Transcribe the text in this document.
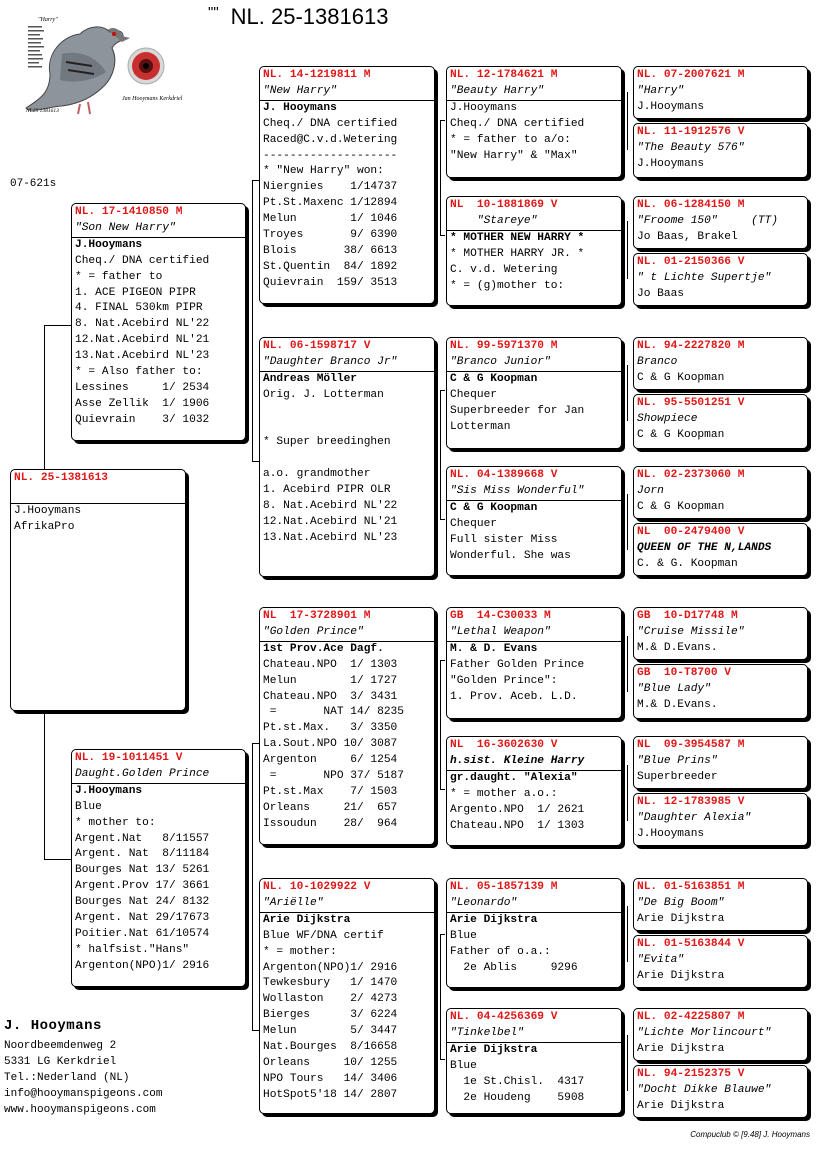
"" NL. 25-1381613
"Harry"
NL25 1381613
Jan Hooymans Kerkdriel
07-621s
NL. 25-1381613
J.Hooymans
AfrikaPro
NL. 17-1410850 M
"Son New Harry"
J.Hooymans
Cheq./ DNA certified
* = father to
1. ACE PIGEON PIPR
4. FINAL 530km PIPR
8. Nat.Acebird NL'22
12.Nat.Acebird NL'21
13.Nat.Acebird NL'23
* = Also father to:
Lessines     1/ 2534
Asse Zellik  1/ 1906
Quievrain    3/ 1032
NL. 19-1011451 V
Daught.Golden Prince
J.Hooymans
Blue
* mother to:
Argent.Nat   8/11557
Argent. Nat  8/11184
Bourges Nat 13/ 5261
Argent.Prov 17/ 3661
Bourges Nat 24/ 8132
Argent. Nat 29/17673
Poitier.Nat 61/10574
* halfsist."Hans"
Argenton(NPO)1/ 2916
NL. 14-1219811 M
"New Harry"
J. Hooymans
Cheq./ DNA certified
Raced@C.v.d.Wetering
--------------------
* "New Harry" won:
Niergnies    1/14737
Pt.St.Maxenc 1/12894
Melun        1/ 1046
Troyes       9/ 6390
Blois       38/ 6613
St.Quentin  84/ 1892
Quievrain  159/ 3513
NL. 06-1598717 V
"Daughter Branco Jr"
Andreas Möller
Orig. J. Lotterman

* Super breedinghen

a.o. grandmother
1. Acebird PIPR OLR
8. Nat.Acebird NL'22
12.Nat.Acebird NL'21
13.Nat.Acebird NL'23
NL  17-3728901 M
"Golden Prince"
1st Prov.Ace Dagf.
Chateau.NPO  1/ 1303
Melun        1/ 1727
Chateau.NPO  3/ 3431
=       NAT 14/ 8235
Pt.st.Max.   3/ 3350
La.Sout.NPO 10/ 3087
Argenton     6/ 1254
=       NPO 37/ 5187
Pt.st.Max    7/ 1503
Orleans     21/  657
Issoudun    28/  964
NL. 10-1029922 V
"Ariëlle"
Arie Dijkstra
Blue WF/DNA certif
* = mother:
Argenton(NPO)1/ 2916
Tewkesbury   1/ 1470
Wollaston    2/ 4273
Bierges      3/ 6224
Melun        5/ 3447
Nat.Bourges  8/16658
Orleans     10/ 1255
NPO Tours   14/ 3406
HotSpot5'18 14/ 2807
NL. 12-1784621 M
"Beauty Harry"
J.Hooymans
Cheq./ DNA certified
* = father to a/o:
"New Harry" & "Max"
NL  10-1881869 V
"Stareye"
* MOTHER NEW HARRY *
* MOTHER HARRY JR. *
C. v.d. Wetering
* = (g)mother to:
NL. 99-5971370 M
"Branco Junior"
C & G Koopman
Chequer
Superbreeder for Jan
Lotterman
NL. 04-1389668 V
"Sis Miss Wonderful"
C & G Koopman
Chequer
Full sister Miss
Wonderful. She was
GB  14-C30033 M
"Lethal Weapon"
M. & D. Evans
Father Golden Prince
"Golden Prince":
1. Prov. Aceb. L.D.
NL  16-3602630 V
h.sist. Kleine Harry
gr.daught. "Alexia"
* = mother a.o.:
Argento.NPO  1/ 2621
Chateau.NPO  1/ 1303
NL. 05-1857139 M
"Leonardo"
Arie Dijkstra
Blue
Father of o.a.:
2e Ablis     9296
NL. 04-4256369 V
"Tinkelbel"
Arie Dijkstra
Blue
1e St.Chisl.  4317
2e Houdeng    5908
NL. 07-2007621 M
"Harry"
J.Hooymans
NL. 11-1912576 V
"The Beauty 576"
J.Hooymans
NL. 06-1284150 M
"Froome 150"     (TT)
Jo Baas, Brakel
NL. 01-2150366 V
" t Lichte Supertje"
Jo Baas
NL. 94-2227820 M
Branco
C & G Koopman
NL. 95-5501251 V
Showpiece
C & G Koopman
NL. 02-2373060 M
Jorn
C & G Koopman
NL  00-2479400 V
QUEEN OF THE N,LANDS
C. & G. Koopman
GB  10-D17748 M
"Cruise Missile"
M.& D.Evans.
GB  10-T8700 V
"Blue Lady"
M.& D.Evans.
NL  09-3954587 M
"Blue Prins"
Superbreeder
NL. 12-1783985 V
"Daughter Alexia"
J.Hooymans
NL. 01-5163851 M
"De Big Boom"
Arie Dijkstra
NL. 01-5163844 V
"Evita"
Arie Dijkstra
NL. 02-4225807 M
"Lichte Morlincourt"
Arie Dijkstra
NL. 94-2152375 V
"Docht Dikke Blauwe"
Arie Dijkstra
J. Hooymans
Noordbeemdenweg 2
5331 LG Kerkdriel
Tel.:Nederland (NL)
info@hooymanspigeons.com
www.hooymanspigeons.com
Compuclub © [9.48] J. Hooymans
